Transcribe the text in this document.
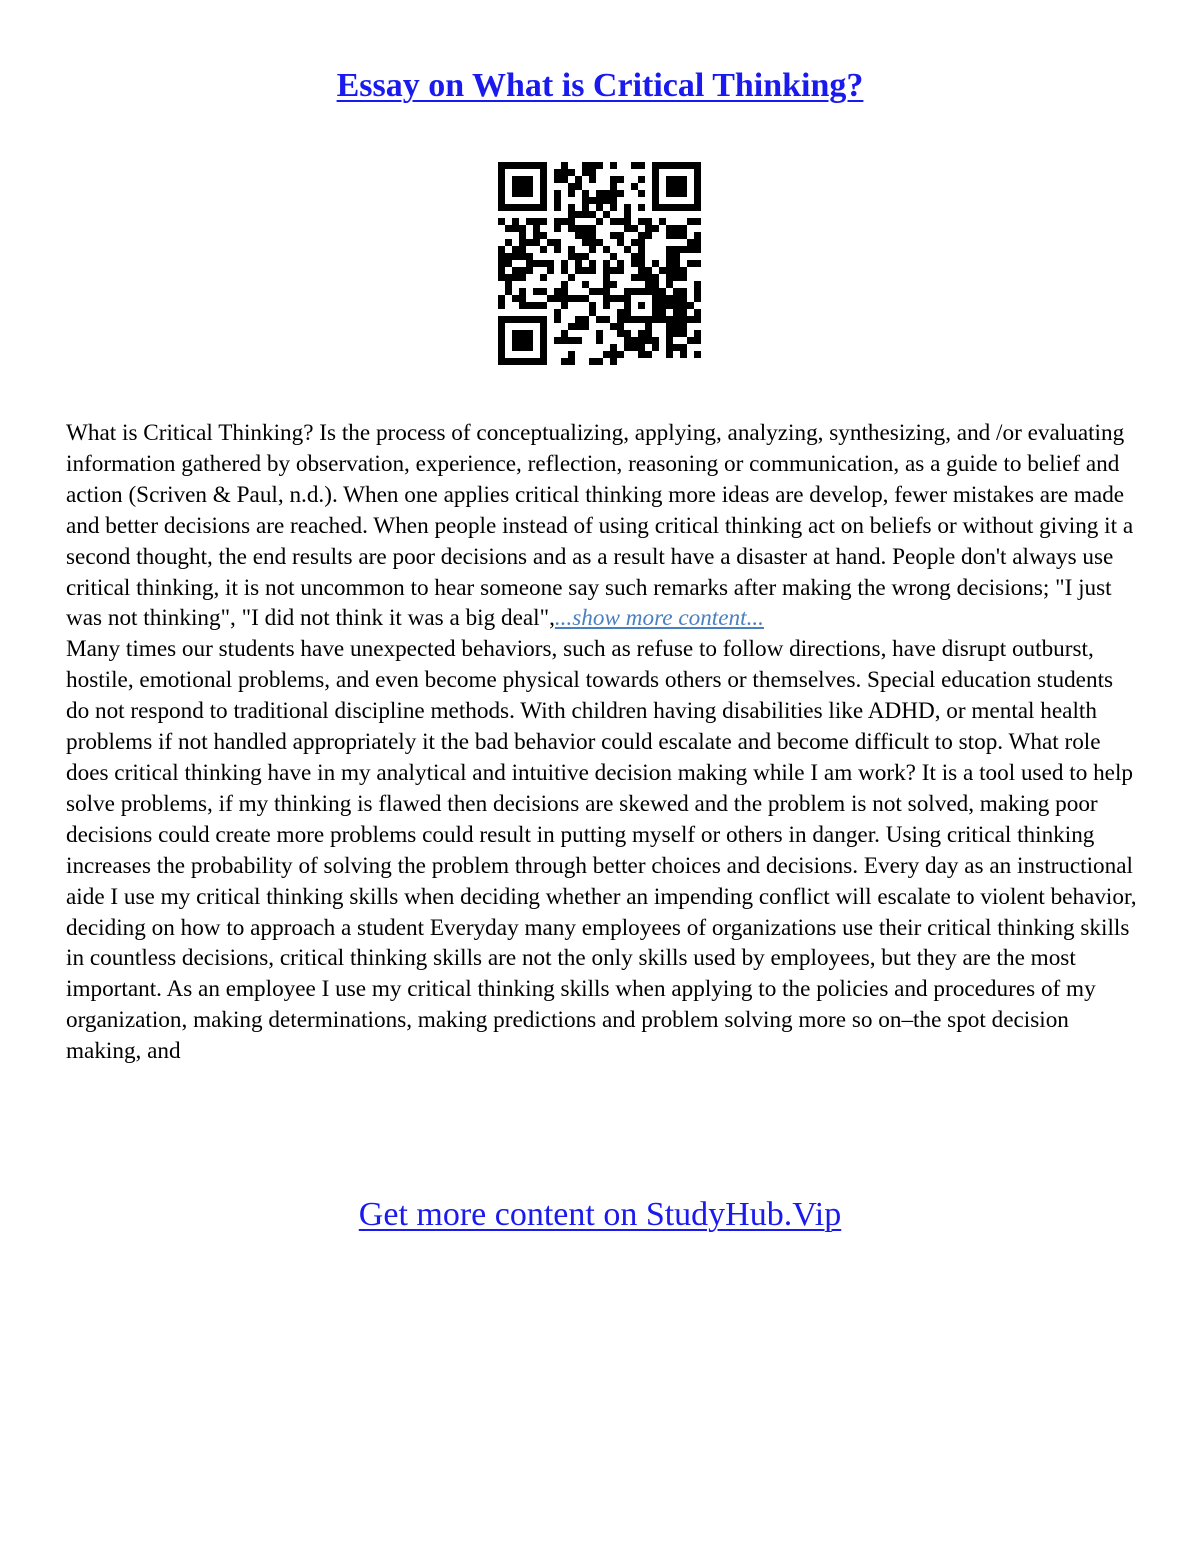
Essay on What is Critical Thinking?

What is Critical Thinking? Is the process of conceptualizing, applying, analyzing, synthesizing, and /or evaluating information gathered by observation, experience, reflection, reasoning or communication, as a guide to belief and action (Scriven & Paul, n.d.). When one applies critical thinking more ideas are develop, fewer mistakes are made and better decisions are reached. When people instead of using critical thinking act on beliefs or without giving it a second thought, the end results are poor decisions and as a result have a disaster at hand. People don't always use critical thinking, it is not uncommon to hear someone say such remarks after making the wrong decisions; "I just was not thinking", "I did not think it was a big deal",...show more content...

Many times our students have unexpected behaviors, such as refuse to follow directions, have disrupt outburst, hostile, emotional problems, and even become physical towards others or themselves. Special education students do not respond to traditional discipline methods. With children having disabilities like ADHD, or mental health problems if not handled appropriately it the bad behavior could escalate and become difficult to stop. What role does critical thinking have in my analytical and intuitive decision making while I am work? It is a tool used to help solve problems, if my thinking is flawed then decisions are skewed and the problem is not solved, making poor decisions could create more problems could result in putting myself or others in danger. Using critical thinking increases the probability of solving the problem through better choices and decisions. Every day as an instructional aide I use my critical thinking skills when deciding whether an impending conflict will escalate to violent behavior, deciding on how to approach a student Everyday many employees of organizations use their critical thinking skills in countless decisions, critical thinking skills are not the only skills used by employees, but they are the most important. As an employee I use my critical thinking skills when applying to the policies and procedures of my organization, making determinations, making predictions and problem solving more so on–the spot decision making, and

Get more content on StudyHub.Vip
